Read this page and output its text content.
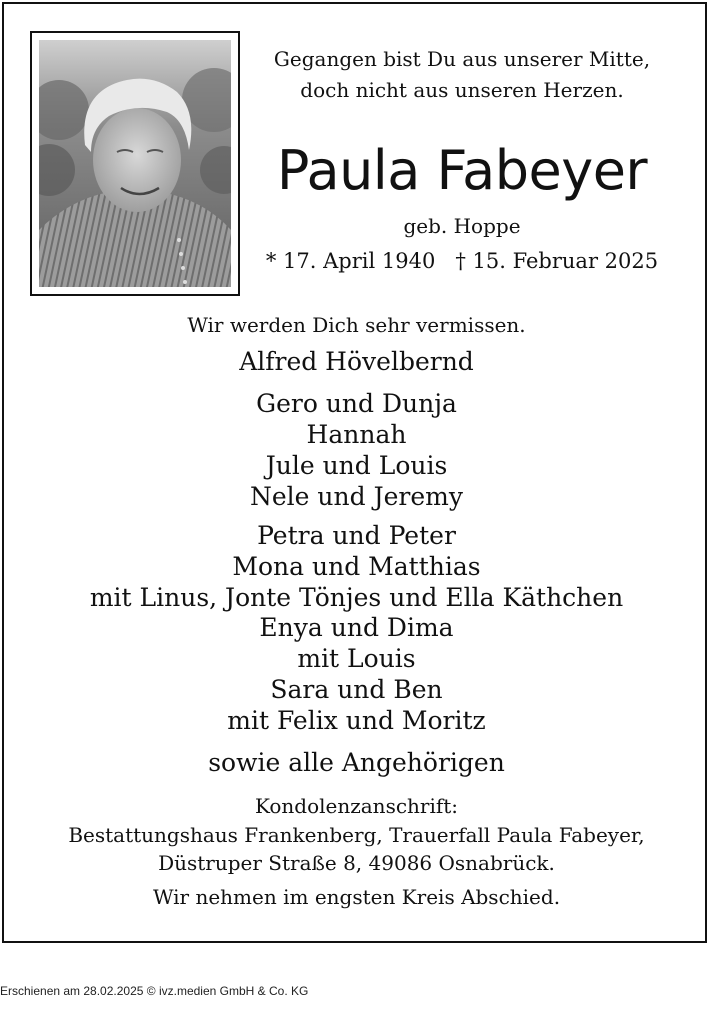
Gegangen bist Du aus unserer Mitte,
doch nicht aus unseren Herzen.
Paula Fabeyer
geb. Hoppe
* 17. April 1940 † 15. Februar 2025
Wir werden Dich sehr vermissen.
Alfred Hövelbernd
Gero und Dunja
Hannah
Jule und Louis
Nele und Jeremy
Petra und Peter
Mona und Matthias
mit Linus, Jonte Tönjes und Ella Käthchen
Enya und Dima
mit Louis
Sara und Ben
mit Felix und Moritz
sowie alle Angehörigen
Kondolenzanschrift:
Bestattungshaus Frankenberg, Trauerfall Paula Fabeyer,
Düstruper Straße 8, 49086 Osnabrück.
Wir nehmen im engsten Kreis Abschied.
Erschienen am 28.02.2025 © ivz.medien GmbH & Co. KG
